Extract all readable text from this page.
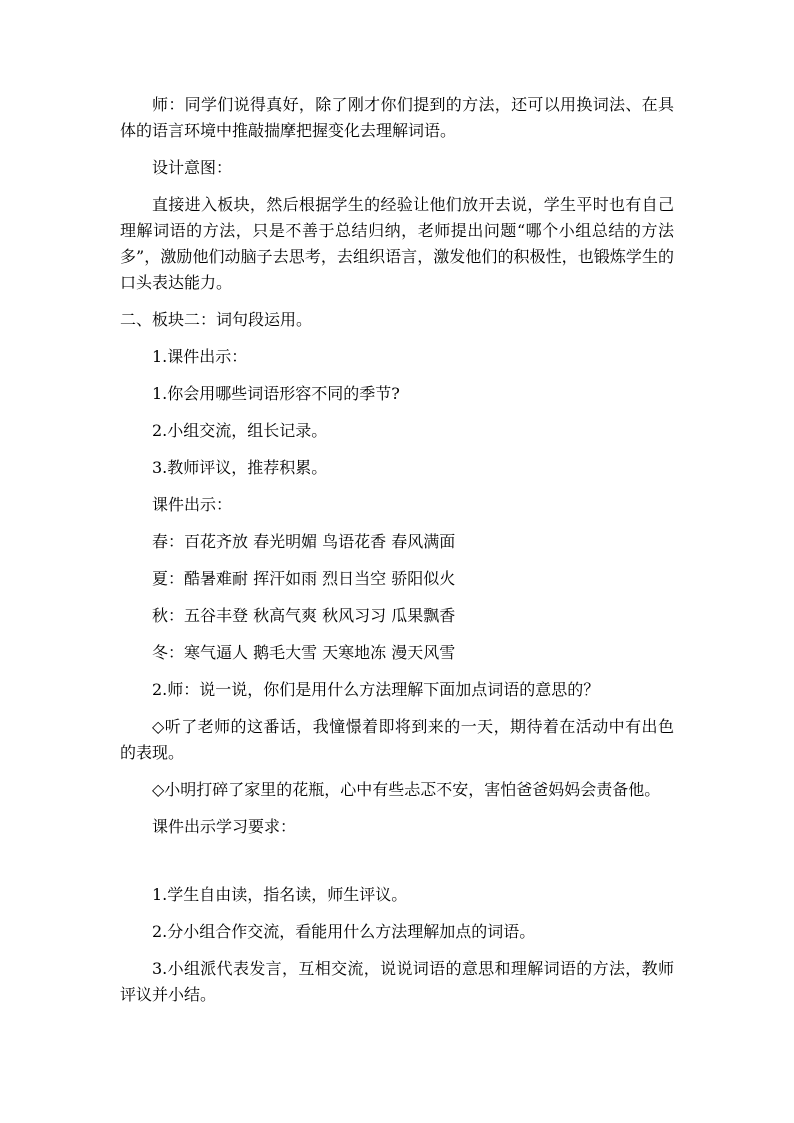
师：同学们说得真好，除了刚才你们提到的方法，还可以用换词法、在具体的语言环境中推敲揣摩把握变化去理解词语。

设计意图：

直接进入板块，然后根据学生的经验让他们放开去说，学生平时也有自己理解词语的方法，只是不善于总结归纳，老师提出问题“哪个小组总结的方法多”，激励他们动脑子去思考，去组织语言，激发他们的积极性，也锻炼学生的口头表达能力。

二、板块二：词句段运用。

1.课件出示：

1.你会用哪些词语形容不同的季节?

2.小组交流，组长记录。

3.教师评议，推荐积累。

课件出示：

春：百花齐放 春光明媚 鸟语花香 春风满面

夏：酷暑难耐 挥汗如雨 烈日当空 骄阳似火

秋：五谷丰登 秋高气爽 秋风习习 瓜果飘香

冬：寒气逼人 鹅毛大雪 天寒地冻 漫天风雪

2.师：说一说，你们是用什么方法理解下面加点词语的意思的？

◇听了老师的这番话，我憧憬着即将到来的一天，期待着在活动中有出色的表现。

◇小明打碎了家里的花瓶，心中有些忐忑不安，害怕爸爸妈妈会责备他。

课件出示学习要求：

1.学生自由读，指名读，师生评议。

2.分小组合作交流，看能用什么方法理解加点的词语。

3.小组派代表发言，互相交流，说说词语的意思和理解词语的方法，教师评议并小结。
